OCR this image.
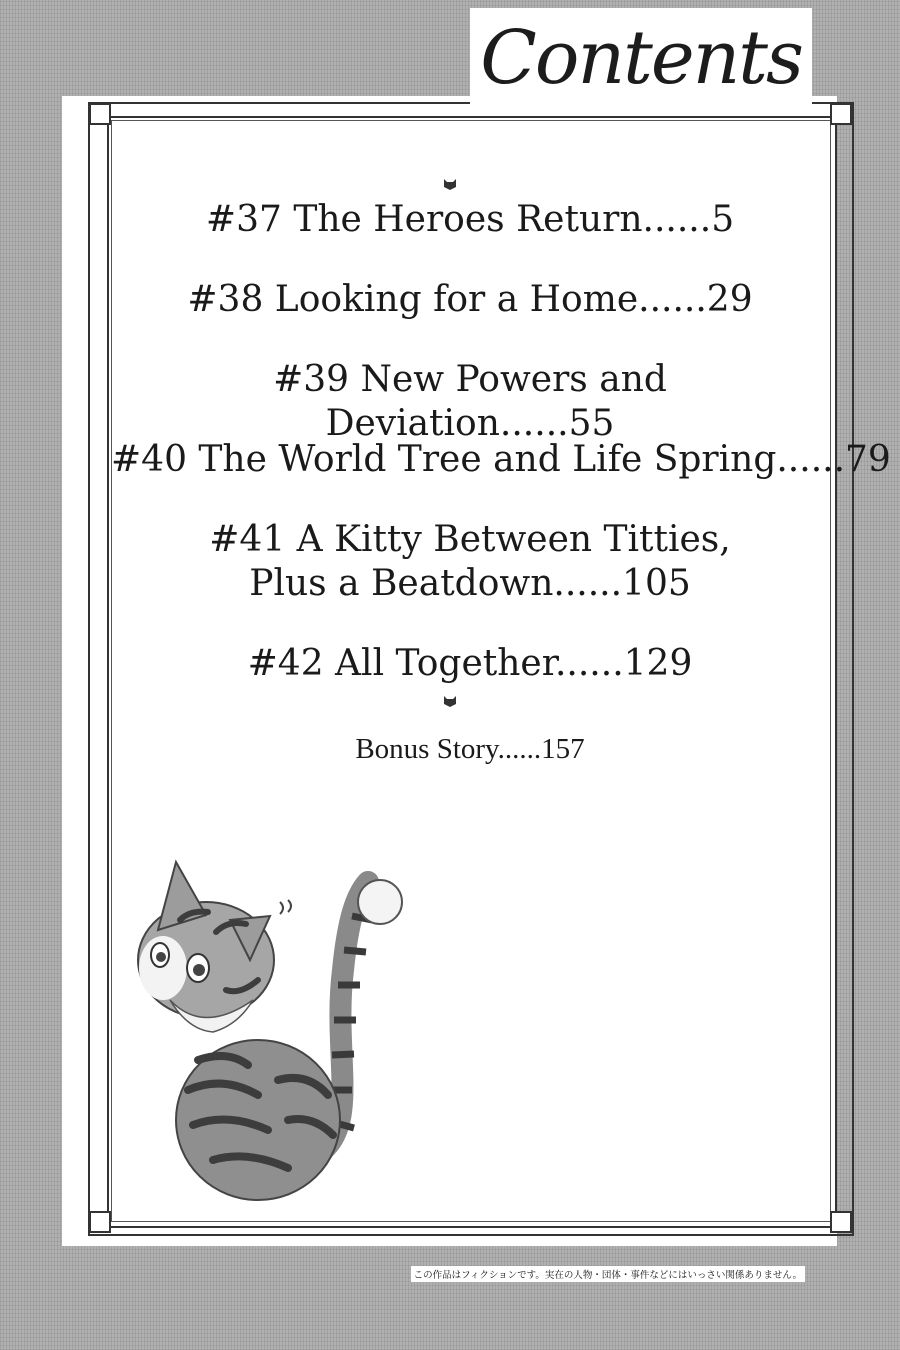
Contents
#37 The Heroes Return......5
#38 Looking for a Home......29
#39 New Powers and Deviation......55
#40 The World Tree and Life Spring......79
#41 A Kitty Between Titties, Plus a Beatdown......105
#42 All Together......129
Bonus Story......157
この作品はフィクションです。実在の人物・団体・事件などにはいっさい関係ありません。
